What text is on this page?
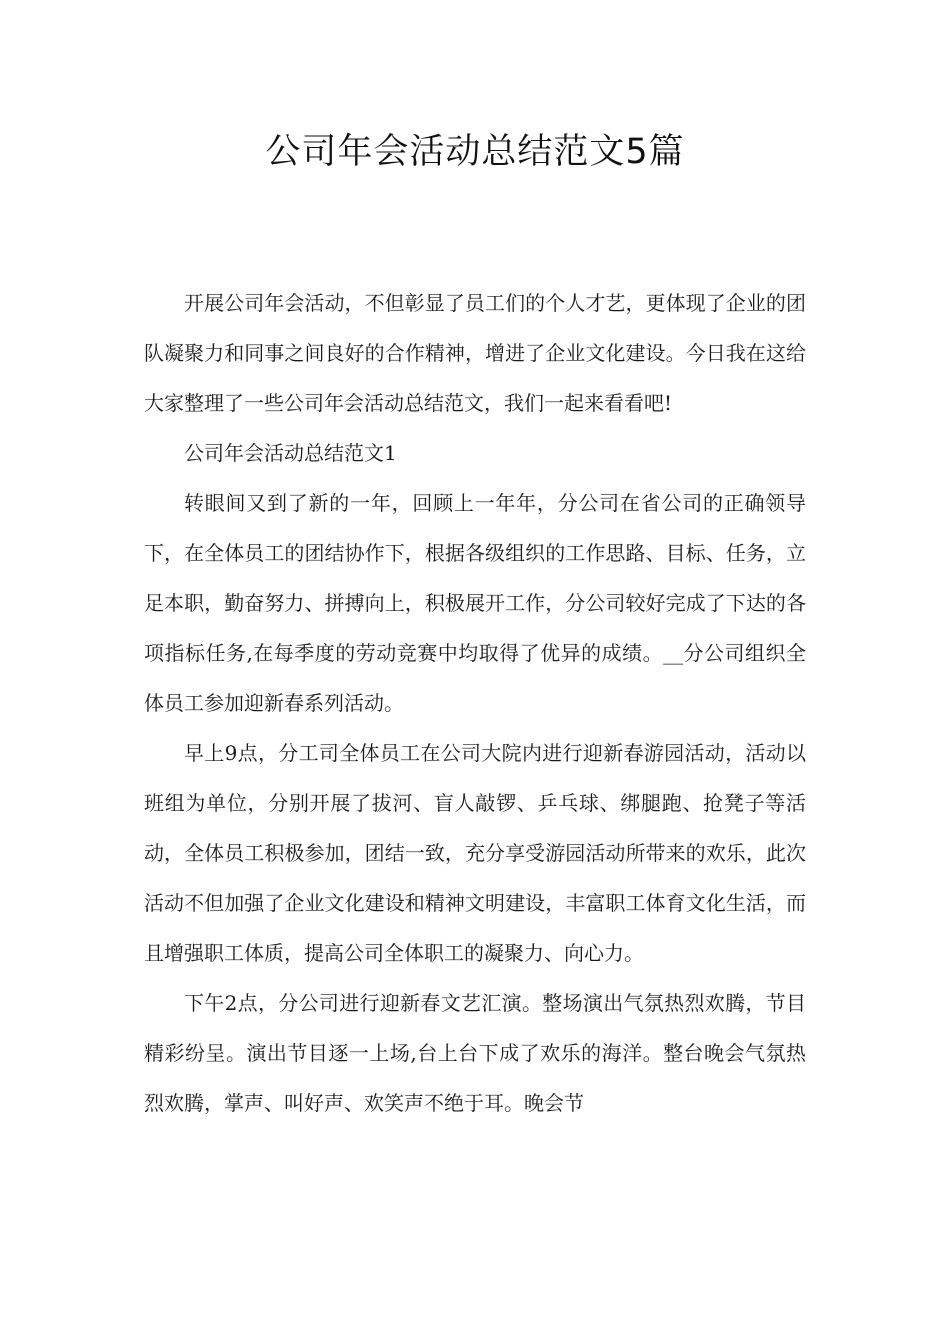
公司年会活动总结范文5篇

开展公司年会活动，不但彰显了员工们的个人才艺，更体现了企业的团队凝聚力和同事之间良好的合作精神，增进了企业文化建设。今日我在这给大家整理了一些公司年会活动总结范文，我们一起来看看吧!

公司年会活动总结范文1

转眼间又到了新的一年，回顾上一年年，分公司在省公司的正确领导下，在全体员工的团结协作下，根据各级组织的工作思路、目标、任务，立足本职，勤奋努力、拼搏向上，积极展开工作，分公司较好完成了下达的各项指标任务,在每季度的劳动竞赛中均取得了优异的成绩。__分公司组织全体员工参加迎新春系列活动。

早上9点，分工司全体员工在公司大院内进行迎新春游园活动，活动以班组为单位，分别开展了拔河、盲人敲锣、乒乓球、绑腿跑、抢凳子等活动，全体员工积极参加，团结一致，充分享受游园活动所带来的欢乐，此次活动不但加强了企业文化建设和精神文明建设，丰富职工体育文化生活，而且增强职工体质，提高公司全体职工的凝聚力、向心力。

下午2点，分公司进行迎新春文艺汇演。整场演出气氛热烈欢腾，节目精彩纷呈。演出节目逐一上场,台上台下成了欢乐的海洋。整台晚会气氛热烈欢腾，掌声、叫好声、欢笑声不绝于耳。晚会节
